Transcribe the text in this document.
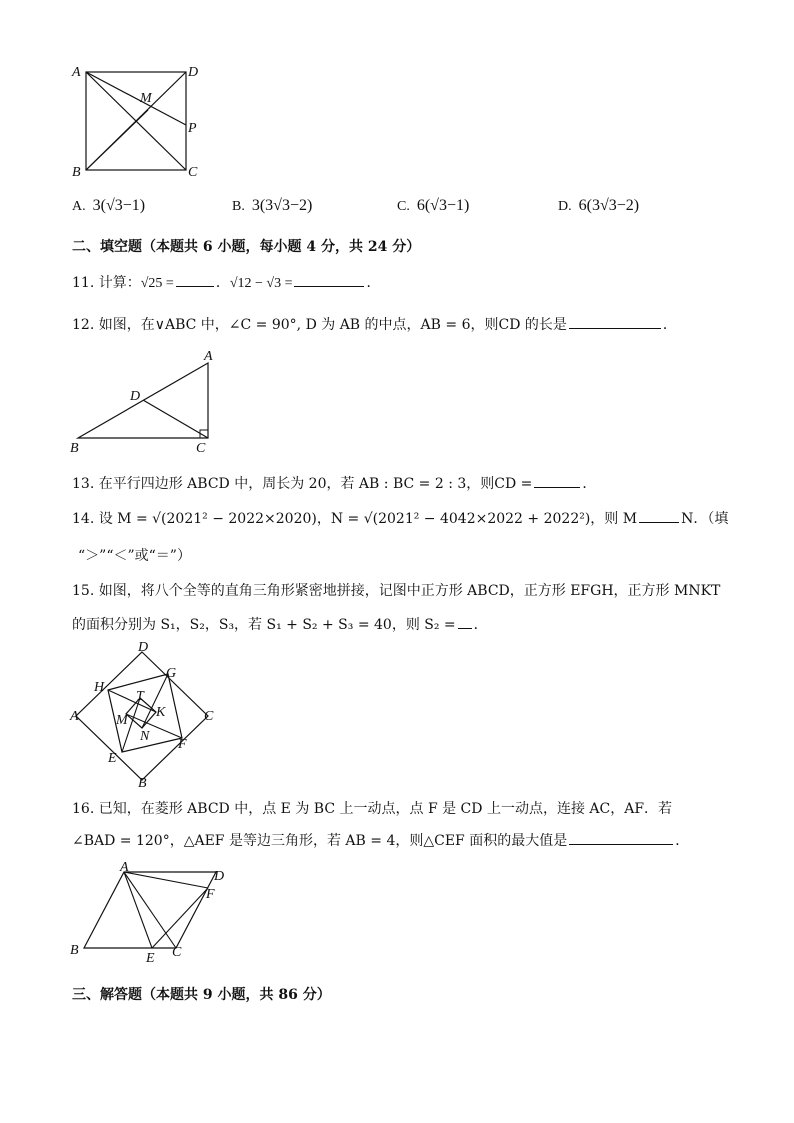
A	D
M
P
B	C
A. 3(√3−1)	B. 3(3√3−2)	C. 6(√3−1)	D. 6(3√3−2)
二、填空题（本题共 6 小题，每小题 4 分，共 24 分）
11. 计算：√25 =	．√12 − √3 =	．
12. 如图，在∨ABC 中，∠C = 90°, D 为 AB 的中点，AB = 6，则CD 的长是	．
A
D
B	C
13. 在平行四边形 ABCD 中，周长为 20，若 AB : BC = 2 : 3，则CD =	．
14. 设 M = √(2021² − 2022×2020)，N = √(2021² − 4042×2022 + 2022²)，则 M	N．（填
“＞”“＜”或“＝”）
15. 如图，将八个全等的直角三角形紧密地拼接，记图中正方形 ABCD，正方形 EFGH，正方形 MNKT
的面积分别为 S₁，S₂，S₃，若 S₁ + S₂ + S₃ = 40，则 S₂ = ．
D
G
H
T
A	K	C
M
N
F
E
B
16. 已知，在菱形 ABCD 中，点 E 为 BC 上一动点，点 F 是 CD 上一动点，连接 AC，AF．若
∠BAD = 120°，△AEF 是等边三角形，若 AB = 4，则△CEF 面积的最大值是	．
A
D
F
B
E C
三、解答题（本题共 9 小题，共 86 分）
